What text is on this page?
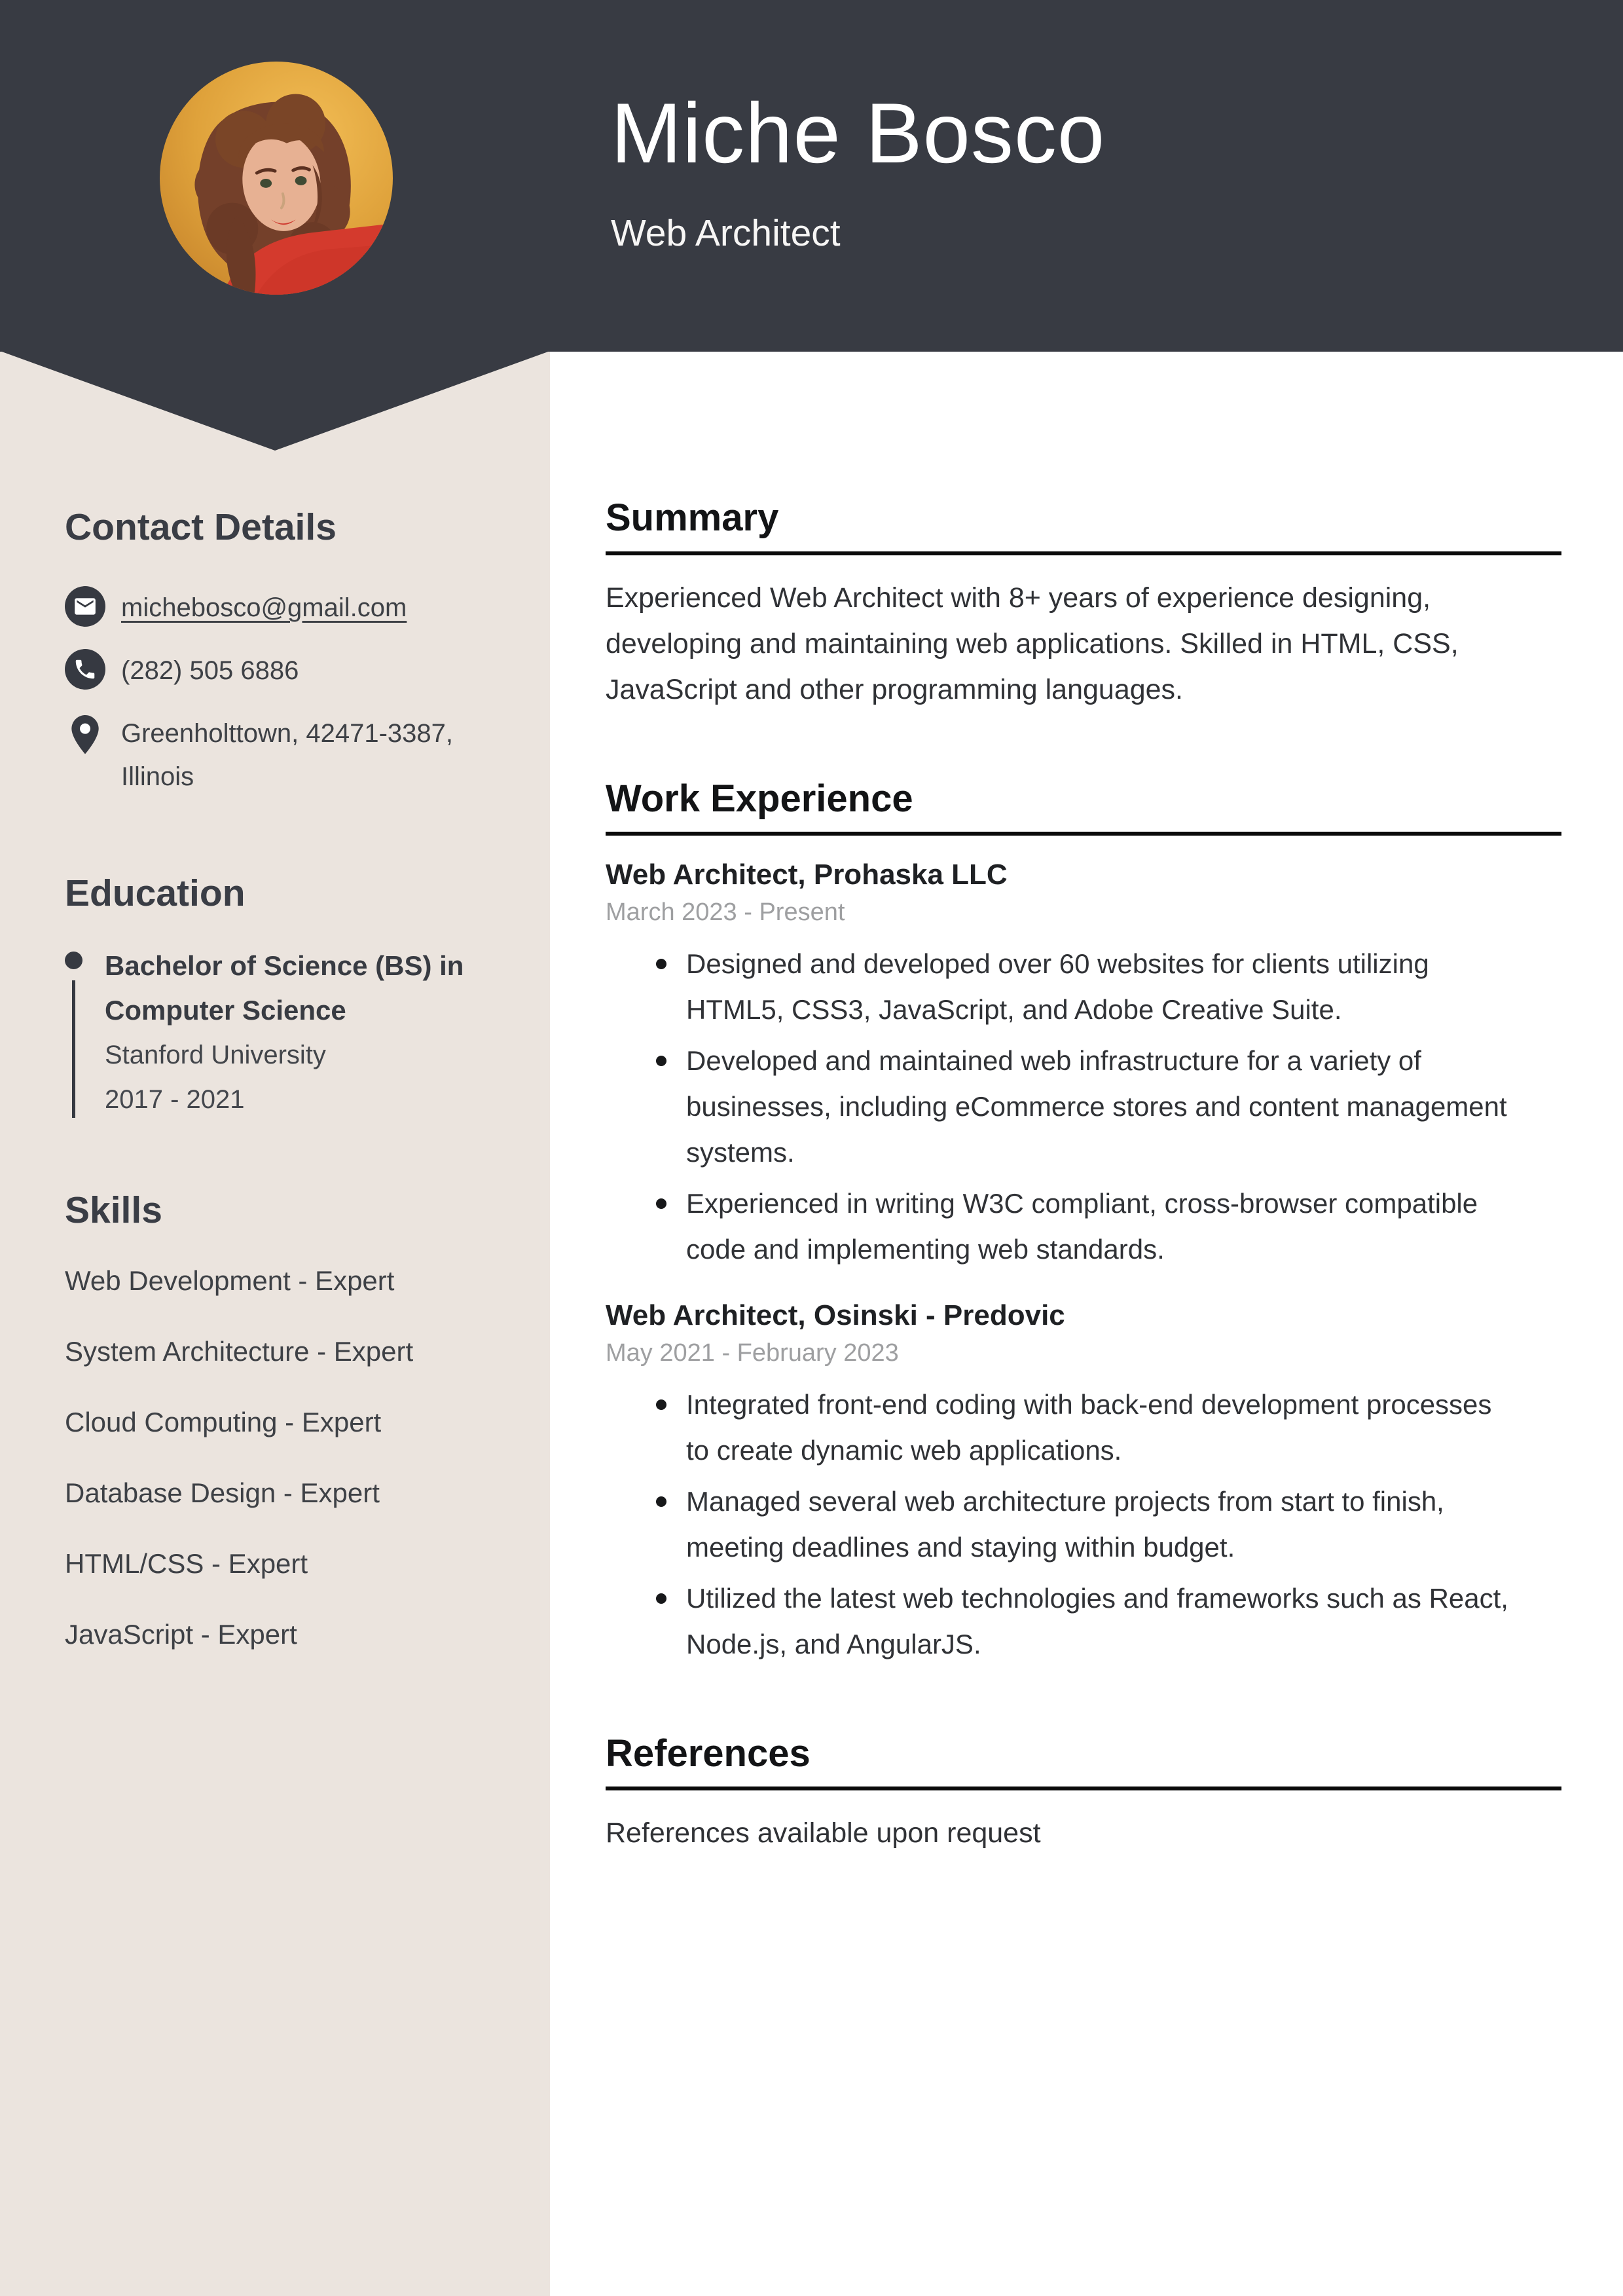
Miche Bosco
Web Architect
Contact Details
michebosco@gmail.com
(282) 505 6886
Greenholttown, 42471-3387, Illinois
Education
Bachelor of Science (BS) in Computer Science
Stanford University
2017 - 2021
Skills
Web Development - Expert
System Architecture - Expert
Cloud Computing - Expert
Database Design - Expert
HTML/CSS - Expert
JavaScript - Expert
Summary

Experienced Web Architect with 8+ years of experience designing, developing and maintaining web applications. Skilled in HTML, CSS, JavaScript and other programming languages.

Work Experience
Web Architect, Prohaska LLC
March 2023 - Present
Designed and developed over 60 websites for clients utilizing HTML5, CSS3, JavaScript, and Adobe Creative Suite.
Developed and maintained web infrastructure for a variety of businesses, including eCommerce stores and content management systems.
Experienced in writing W3C compliant, cross-browser compatible code and implementing web standards.
Web Architect, Osinski - Predovic
May 2021 - February 2023
Integrated front-end coding with back-end development processes to create dynamic web applications.
Managed several web architecture projects from start to finish, meeting deadlines and staying within budget.
Utilized the latest web technologies and frameworks such as React, Node.js, and AngularJS.
References

References available upon request
